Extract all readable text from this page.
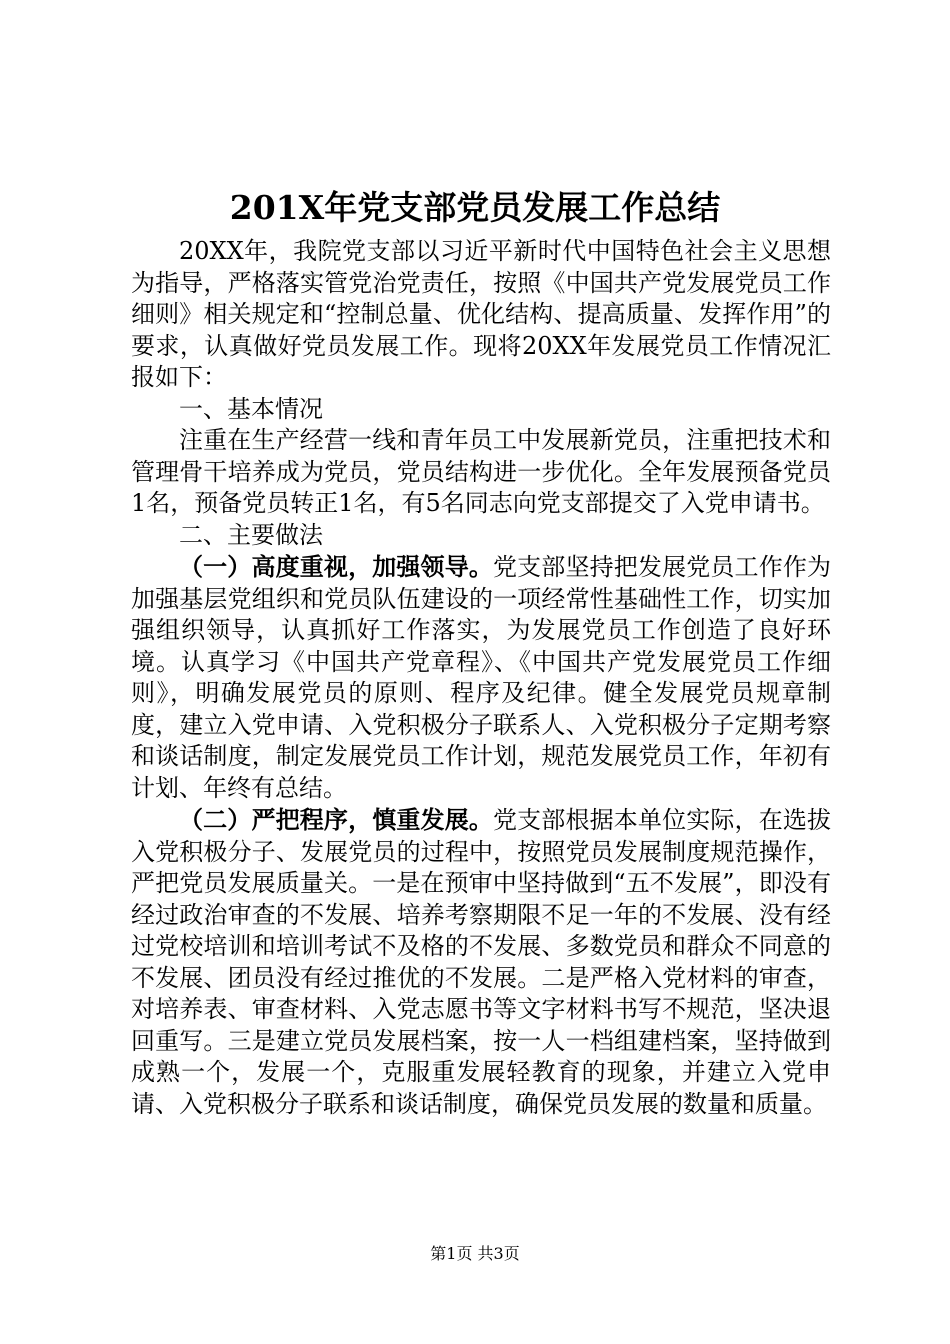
201X年党支部党员发展工作总结

20XX年，我院党支部以习近平新时代中国特色社会主义思想为指导，严格落实管党治党责任，按照《中国共产党发展党员工作细则》相关规定和“控制总量、优化结构、提高质量、发挥作用”的要求，认真做好党员发展工作。现将20XX年发展党员工作情况汇报如下：

一、基本情况

注重在生产经营一线和青年员工中发展新党员，注重把技术和管理骨干培养成为党员，党员结构进一步优化。全年发展预备党员1名，预备党员转正1名，有5名同志向党支部提交了入党申请书。

二、主要做法

（一）高度重视，加强领导。党支部坚持把发展党员工作作为加强基层党组织和党员队伍建设的一项经常性基础性工作，切实加强组织领导，认真抓好工作落实，为发展党员工作创造了良好环境。认真学习《中国共产党章程》、《中国共产党发展党员工作细则》，明确发展党员的原则、程序及纪律。健全发展党员规章制度，建立入党申请、入党积极分子联系人、入党积极分子定期考察和谈话制度，制定发展党员工作计划，规范发展党员工作，年初有计划、年终有总结。

（二）严把程序，慎重发展。党支部根据本单位实际，在选拔入党积极分子、发展党员的过程中，按照党员发展制度规范操作，严把党员发展质量关。一是在预审中坚持做到“五不发展”，即没有经过政治审查的不发展、培养考察期限不足一年的不发展、没有经过党校培训和培训考试不及格的不发展、多数党员和群众不同意的不发展、团员没有经过推优的不发展。二是严格入党材料的审查，对培养表、审查材料、入党志愿书等文字材料书写不规范，坚决退回重写。三是建立党员发展档案，按一人一档组建档案，坚持做到成熟一个，发展一个，克服重发展轻教育的现象，并建立入党申请、入党积极分子联系和谈话制度，确保党员发展的数量和质量。

第1页 共3页
